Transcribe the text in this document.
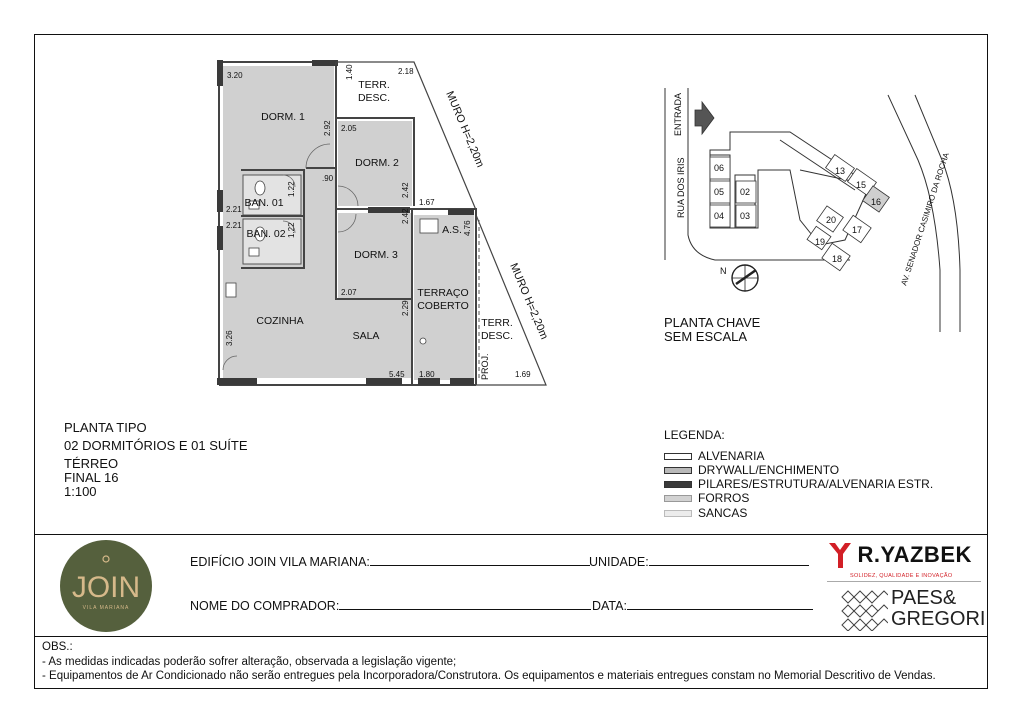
DORM. 1
DORM. 2
DORM. 3
BAN. 01
BAN. 02
COZINHA
SALA
A.S.
TERRAÇO
COBERTO
TERR.
DESC.
TERR.
DESC.
PROJ.
MURO H=2,20m
MURO H=2,20m
3.20	1.40	2.18
2.05
2.92
.90
1.22
2.21
2.42
1.67
1.22
2.21
2.42
4.76
2.07
2.29
3.26
5.45 1.80	1.69
RUA DOS IRIS	AV. SENADOR CASIMIRO DA ROCHA
ENTRADA
N
06
05 02
04 03
13
15
16
20
17
19
18
PLANTA CHAVE
SEM ESCALA
PLANTA TIPO
02 DORMITÓRIOS E 01 SUÍTE
TÉRREO
FINAL 16
1:100
LEGENDA:
ALVENARIA
DRYWALL/ENCHIMENTO
PILARES/ESTRUTURA/ALVENARIA ESTR.
FORROS
SANCAS
JOIN
VILA MARIANA
EDIFÍCIO JOIN VILA MARIANA:	UNIDADE:
NOME DO COMPRADOR:	DATA:
R.YAZBEK
SOLIDEZ, QUALIDADE E INOVAÇÃO
PAES&
GREGORI
OBS.:
- As medidas indicadas poderão sofrer alteração, observada a legislação vigente;
- Equipamentos de Ar Condicionado não serão entregues pela Incorporadora/Construtora. Os equipamentos e materiais entregues constam no Memorial Descritivo de Vendas.
